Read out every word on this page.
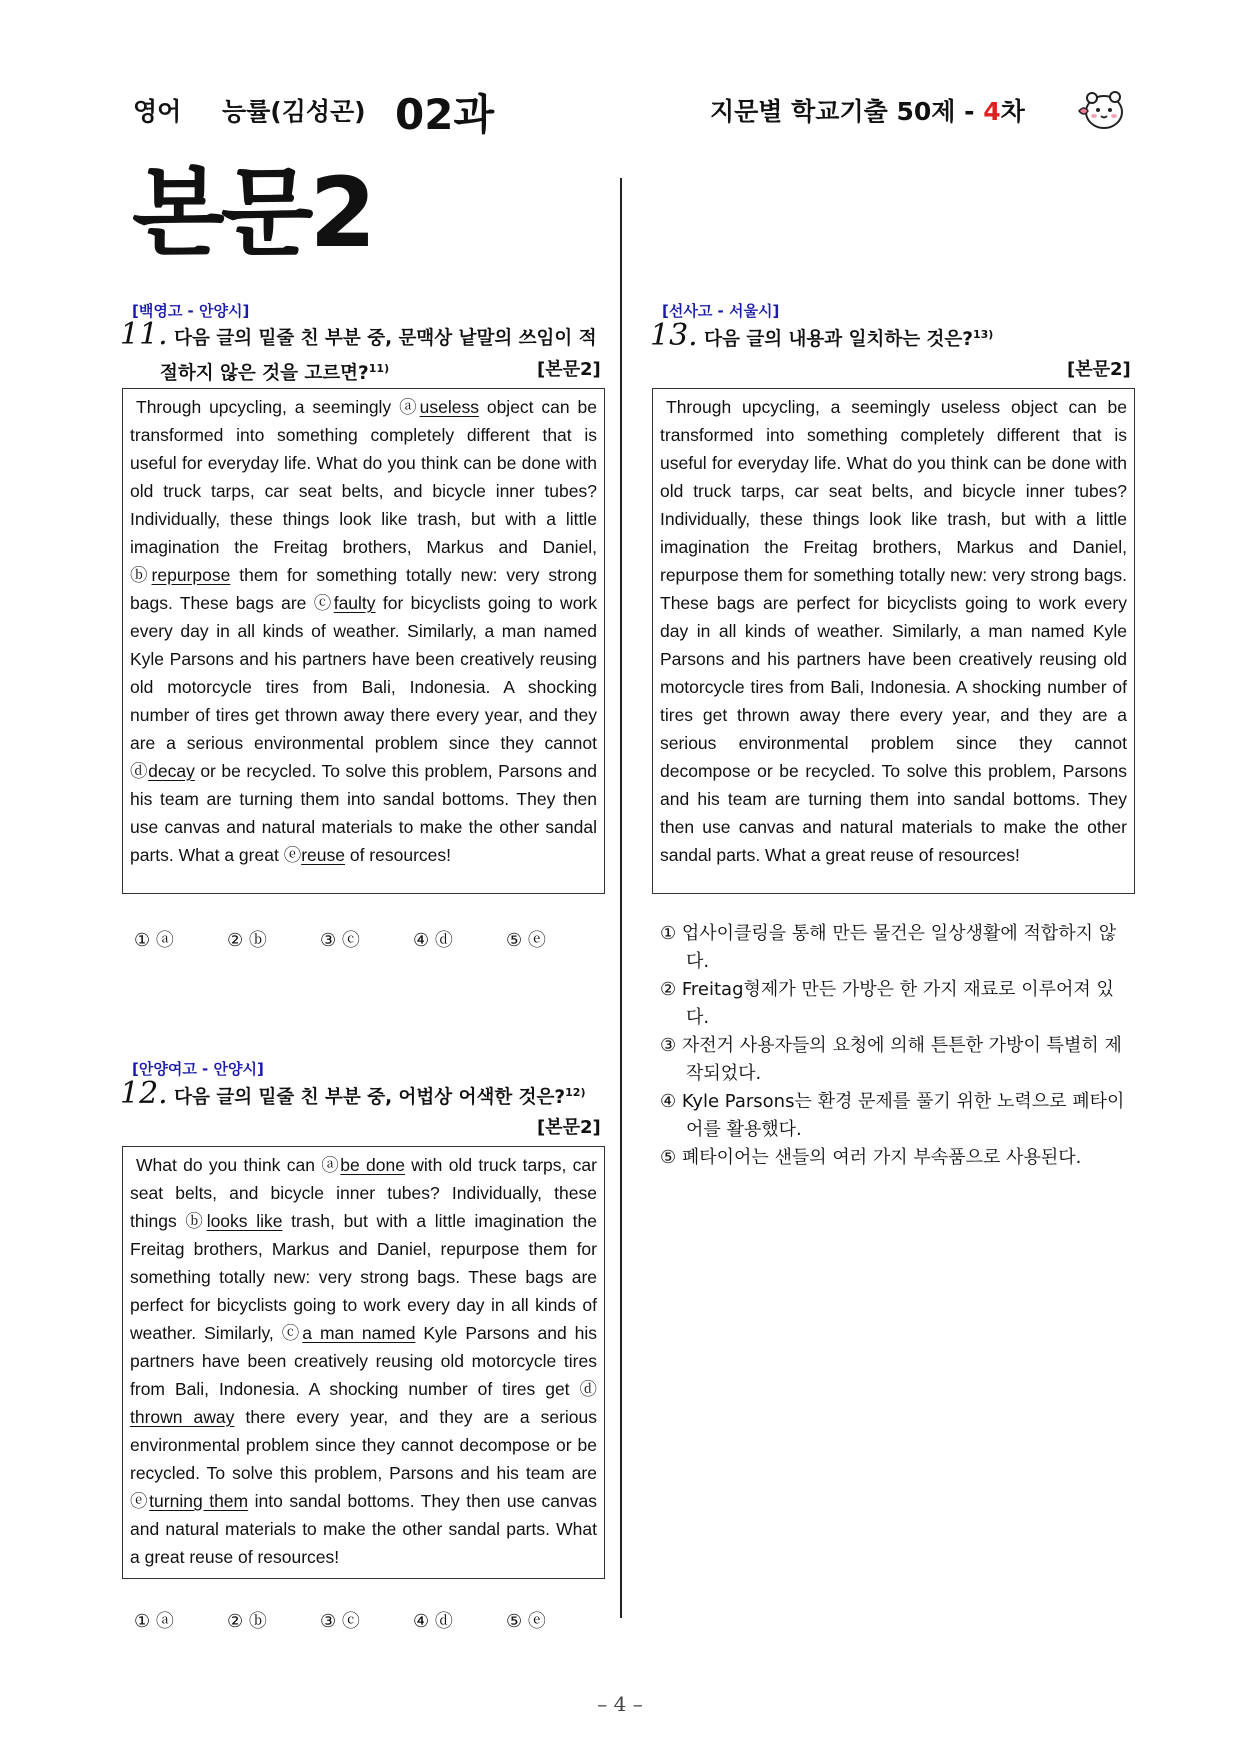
영어 능률(김성곤) 02과	지문별 학교기출 50제 - 4차
본문2
[백영고 - 안양시]
11. 다음 글의 밑줄 친 부분 중, 문맥상 낱말의 쓰임이 적절하지 않은 것을 고르면?$^{11)}$	[본문2]

Through upcycling, a seemingly ⓐuseless object can be transformed into something completely different that is useful for everyday life. What do you think can be done with old truck tarps, car seat belts, and bicycle inner tubes? Individually, these things look like trash, but with a little imagination the Freitag brothers, Markus and Daniel, ⓑrepurpose them for something totally new: very strong bags. These bags are ⓒfaulty for bicyclists going to work every day in all kinds of weather. Similarly, a man named Kyle Parsons and his partners have been creatively reusing old motorcycle tires from Bali, Indonesia. A shocking number of tires get thrown away there every year, and they are a serious environmental problem since they cannot ⓓdecay or be recycled. To solve this problem, Parsons and his team are turning them into sandal bottoms. They then use canvas and natural materials to make the other sandal parts. What a great ⓔreuse of resources!

① ⓐ	② ⓑ	③ ⓒ	④ ⓓ	⑤ ⓔ
[안양여고 - 안양시]
12. 다음 글의 밑줄 친 부분 중, 어법상 어색한 것은?$^{12)}$
[본문2]

What do you think can ⓐbe done with old truck tarps, car seat belts, and bicycle inner tubes? Individually, these things ⓑlooks like trash, but with a little imagination the Freitag brothers, Markus and Daniel, repurpose them for something totally new: very strong bags. These bags are perfect for bicyclists going to work every day in all kinds of weather. Similarly, ⓒa man named Kyle Parsons and his partners have been creatively reusing old motorcycle tires from Bali, Indonesia. A shocking number of tires get ⓓ thrown away there every year, and they are a serious environmental problem since they cannot decompose or be recycled. To solve this problem, Parsons and his team are ⓔturning them into sandal bottoms. They then use canvas and natural materials to make the other sandal parts. What a great reuse of resources!

① ⓐ	② ⓑ	③ ⓒ	④ ⓓ	⑤ ⓔ
[선사고 - 서울시]
13. 다음 글의 내용과 일치하는 것은?$^{13)}$
[본문2]

Through upcycling, a seemingly useless object can be transformed into something completely different that is useful for everyday life. What do you think can be done with old truck tarps, car seat belts, and bicycle inner tubes? Individually, these things look like trash, but with a little imagination the Freitag brothers, Markus and Daniel, repurpose them for something totally new: very strong bags. These bags are perfect for bicyclists going to work every day in all kinds of weather. Similarly, a man named Kyle Parsons and his partners have been creatively reusing old motorcycle tires from Bali, Indonesia. A shocking number of tires get thrown away there every year, and they are a serious environmental problem since they cannot decompose or be recycled. To solve this problem, Parsons and his team are turning them into sandal bottoms. They then use canvas and natural materials to make the other sandal parts. What a great reuse of resources!

① 업사이클링을 통해 만든 물건은 일상생활에 적합하지 않다.
② Freitag형제가 만든 가방은 한 가지 재료로 이루어져 있다.
③ 자전거 사용자들의 요청에 의해 튼튼한 가방이 특별히 제작되었다.
④ Kyle Parsons는 환경 문제를 풀기 위한 노력으로 폐타이어를 활용했다.
⑤ 폐타이어는 샌들의 여러 가지 부속품으로 사용된다.
– 4 –
